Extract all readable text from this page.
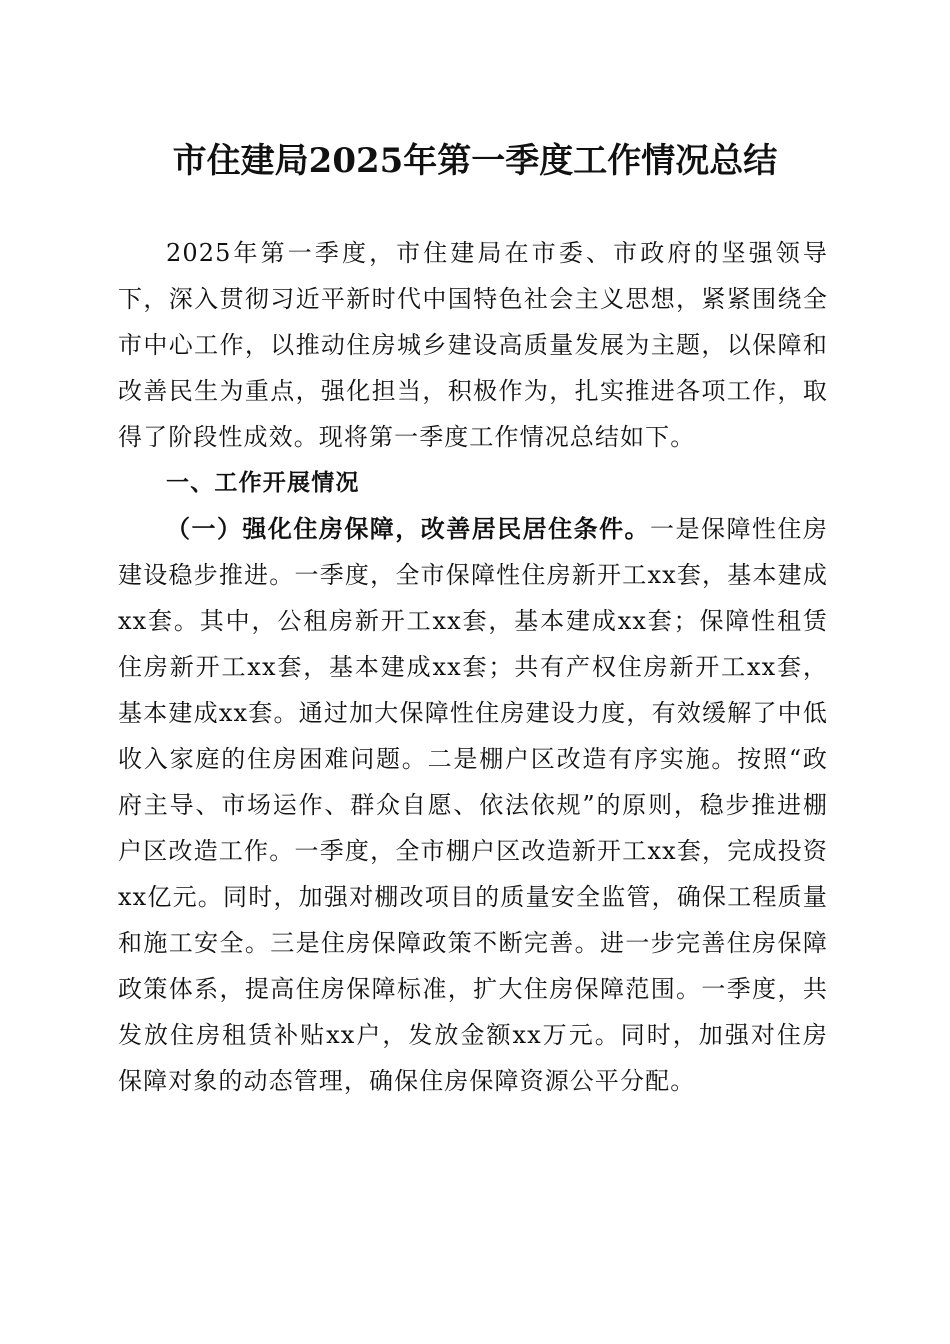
市住建局2025年第一季度工作情况总结

2025年第一季度，市住建局在市委、市政府的坚强领导下，深入贯彻习近平新时代中国特色社会主义思想，紧紧围绕全市中心工作，以推动住房城乡建设高质量发展为主题，以保障和改善民生为重点，强化担当，积极作为，扎实推进各项工作，取得了阶段性成效。现将第一季度工作情况总结如下。

一、工作开展情况

（一）强化住房保障，改善居民居住条件。一是保障性住房建设稳步推进。一季度，全市保障性住房新开工xx套，基本建成xx套。其中，公租房新开工xx套，基本建成xx套；保障性租赁住房新开工xx套，基本建成xx套；共有产权住房新开工xx套，基本建成xx套。通过加大保障性住房建设力度，有效缓解了中低收入家庭的住房困难问题。二是棚户区改造有序实施。按照“政府主导、市场运作、群众自愿、依法依规”的原则，稳步推进棚户区改造工作。一季度，全市棚户区改造新开工xx套，完成投资xx亿元。同时，加强对棚改项目的质量安全监管，确保工程质量和施工安全。三是住房保障政策不断完善。进一步完善住房保障政策体系，提高住房保障标准，扩大住房保障范围。一季度，共发放住房租赁补贴xx户，发放金额xx万元。同时，加强对住房保障对象的动态管理，确保住房保障资源公平分配。
